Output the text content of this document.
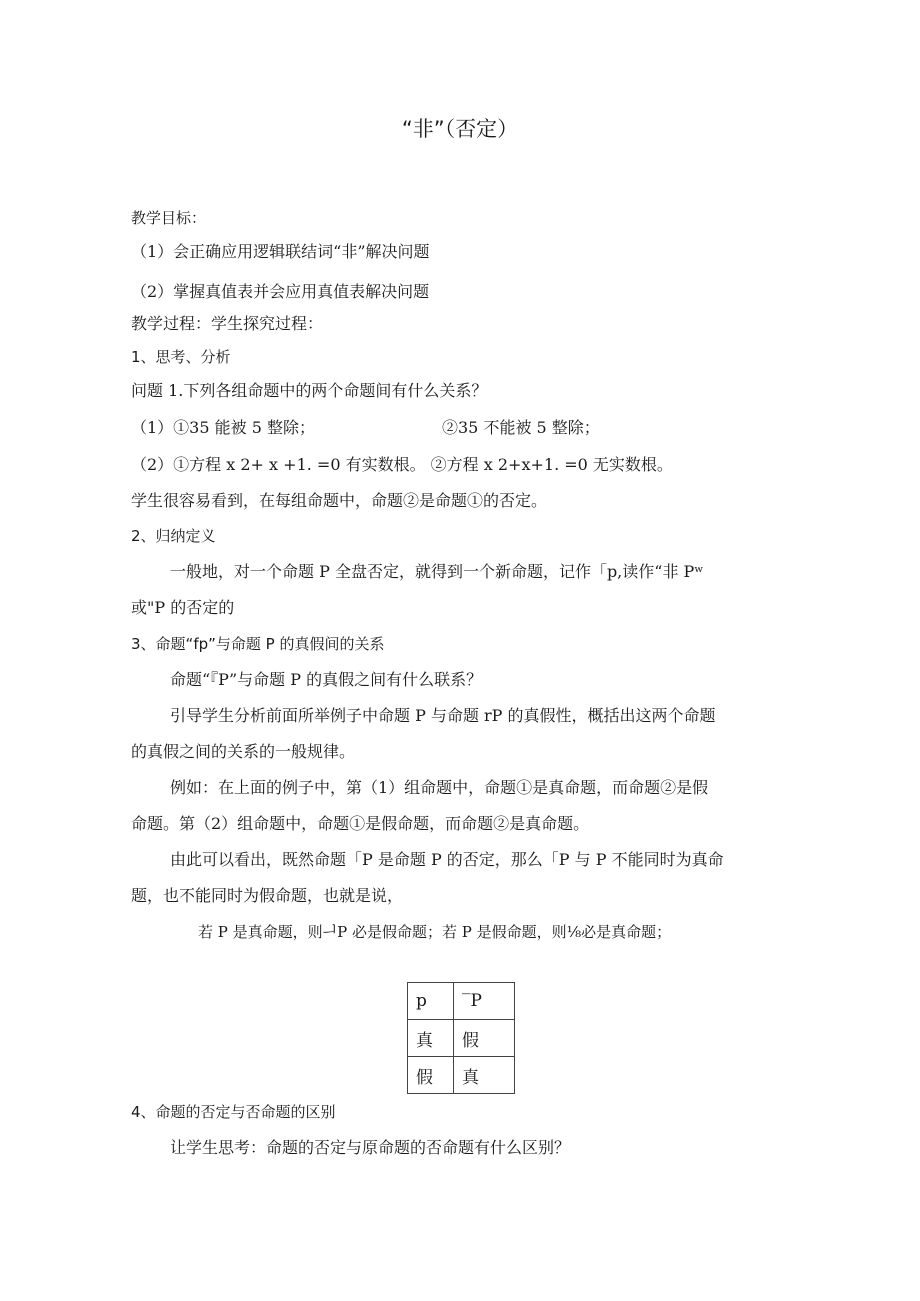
“非”（否定）
教学目标：
（1）会正确应用逻辑联结词“非”解决问题
（2）掌握真值表并会应用真值表解决问题
教学过程：学生探究过程：
1、思考、分析
问题 1.下列各组命题中的两个命题间有什么关系？
（1）①35 能被 5 整除；	②35 不能被 5 整除；
（2）①方程 x 2+ x +1. =0 有实数根。 ②方程 x 2+x+1. =0 无实数根。
学生很容易看到，在每组命题中，命题②是命题①的否定。
2、归纳定义
一般地，对一个命题 P 全盘否定，就得到一个新命题，记作「p,读作“非 Pʷ
或"P 的否定的
3、命题“fp”与命题 P 的真假间的关系
命题“『P”与命题 P 的真假之间有什么联系？
引导学生分析前面所举例子中命题 P 与命题 rP 的真假性，概括出这两个命题
的真假之间的关系的一般规律。
例如：在上面的例子中，第（1）组命题中，命题①是真命题，而命题②是假
命题。第（2）组命题中，命题①是假命题，而命题②是真命题。
由此可以看出，既然命题「P 是命题 P 的否定，那么「P 与 P 不能同时为真命
题，也不能同时为假命题，也就是说，
若 P 是真命题，则ᅴP 必是假命题；若 P 是假命题，则⅛必是真命题；
p	‾P
真	假
假	真
4、命题的否定与否命题的区别
让学生思考：命题的否定与原命题的否命题有什么区别？
